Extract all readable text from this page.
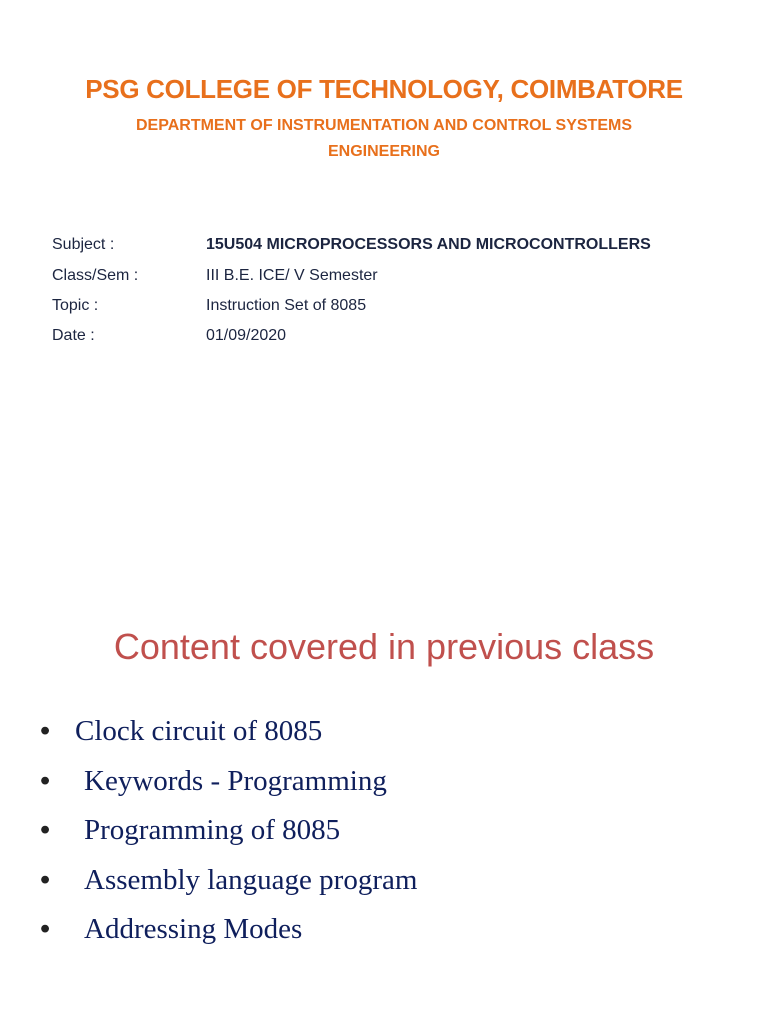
PSG COLLEGE OF TECHNOLOGY, COIMBATORE
DEPARTMENT OF INSTRUMENTATION AND CONTROL SYSTEMS ENGINEERING
Subject :	15U504 MICROPROCESSORS AND MICROCONTROLLERS
Class/Sem :	III B.E. ICE/ V Semester
Topic :	Instruction Set of 8085
Date :	01/09/2020
Content covered in previous class
• Clock circuit of 8085
• Keywords - Programming
• Programming of 8085
• Assembly language program
• Addressing Modes
